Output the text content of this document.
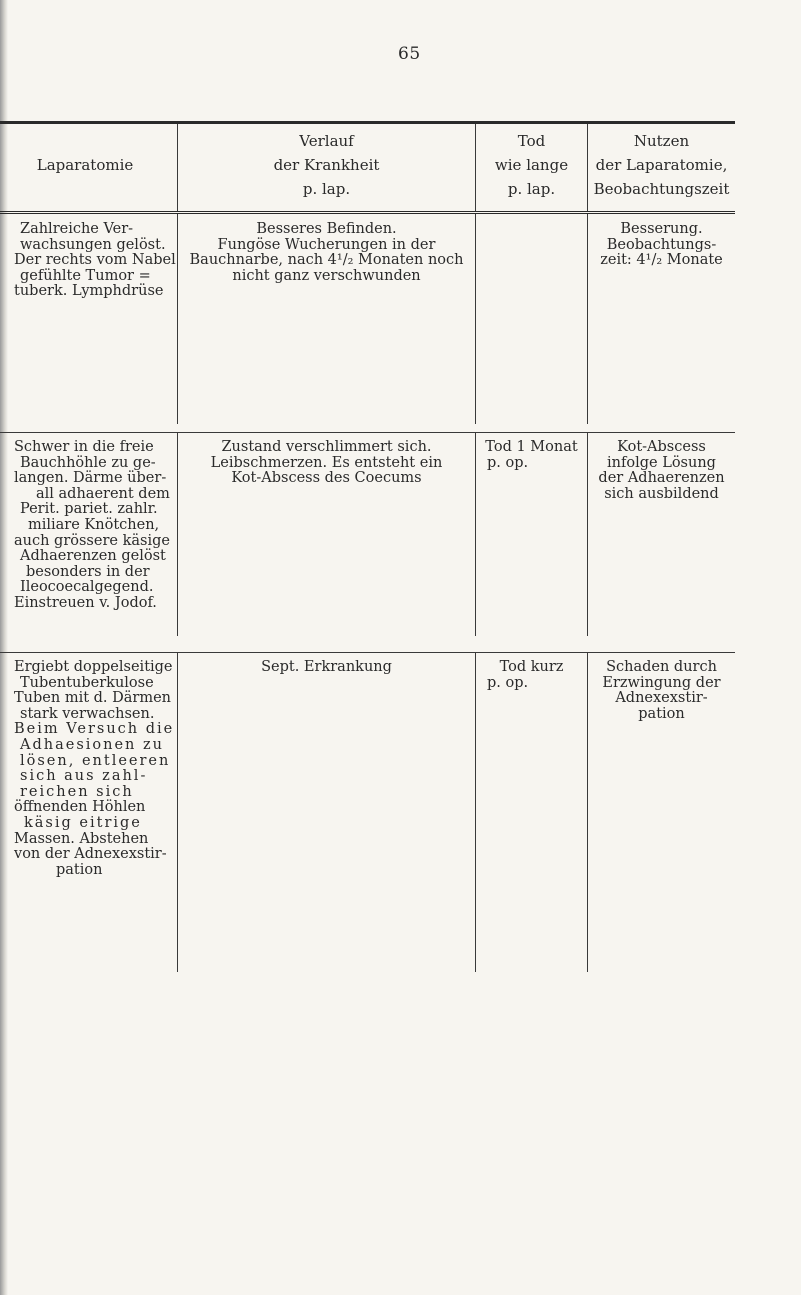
65
Laparatomie
Verlauf
der Krankheit
p. lap.
Tod
wie lange
p. lap.
Nutzen
der Laparatomie,
Beobachtungszeit
Zahlreiche Ver-
wachsungen gelöst.
Der rechts vom Nabel
gefühlte Tumor =
tuberk. Lymphdrüse
Besseres Befinden.
Fungöse Wucherungen in der
Bauchnarbe, nach 4¹/₂ Monaten noch
nicht ganz verschwunden
Besserung.
Beobachtungs-
zeit: 4¹/₂ Monate
Schwer in die freie
Bauchhöhle zu ge-
langen. Därme über-
all adhaerent dem
Perit. pariet. zahlr.
miliare Knötchen,
auch grössere käsige
Adhaerenzen gelöst
besonders in der
Ileocoecalgegend.
Einstreuen v. Jodof.
Zustand verschlimmert sich.
Leibschmerzen. Es entsteht ein
Kot-Abscess des Coecums
Tod 1 Monat
p. op.
Kot-Abscess
infolge Lösung
der Adhaerenzen
sich ausbildend
Ergiebt doppelseitige
Tubentuberkulose
Tuben mit d. Därmen
stark verwachsen.
Beim Versuch die
Adhaesionen zu
lösen, entleeren
sich aus zahl-
reichen sich
öffnenden Höhlen
käsig eitrige
Massen. Abstehen
von der Adnexexstir-
pation
Sept. Erkrankung	Tod kurz
p. op.
Schaden durch
Erzwingung der
Adnexexstir-
pation
